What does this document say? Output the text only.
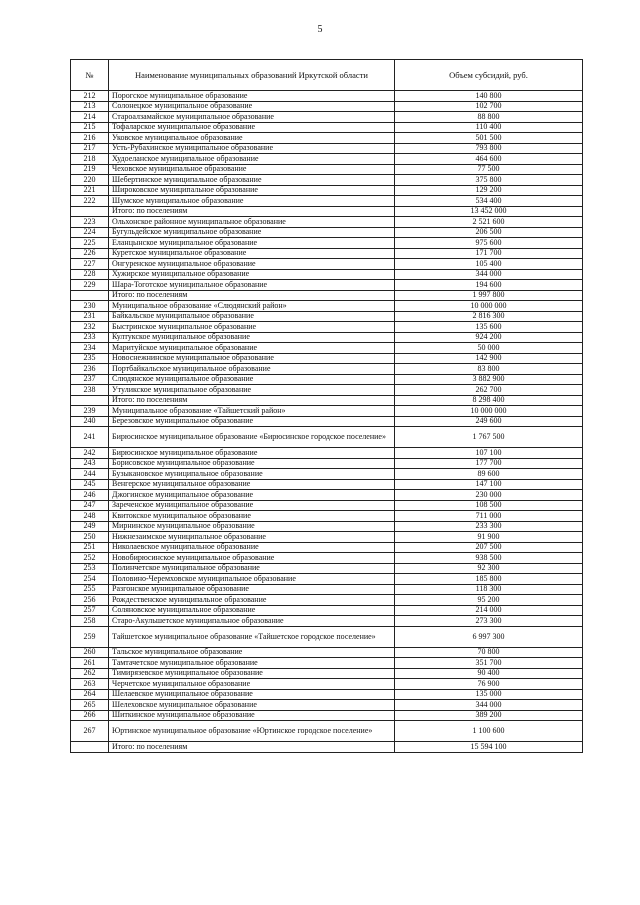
5
№	Наименование муниципальных образований Иркутской области	Объем субсидий, руб.
212	Порогское муниципальное образование	140 800
213	Солонецкое муниципальное образование	102 700
214	Староалзамайское муниципальное образование	88 800
215	Тофаларское муниципальное образование	110 400
216	Уковское муниципальное образование	501 500
217	Усть-Рубахинское муниципальное образование	793 800
218	Худоеланское муниципальное образование	464 600
219	Чеховское муниципальное образование	77 500
220	Шебертинское муниципальное образование	375 800
221	Широковское муниципальное образование	129 200
222	Шумское муниципальное образование	534 400
	Итого: по поселениям	13 452 000
223	Ольхонское районное муниципальное образование	2 521 600
224	Бугульдейское муниципальное образование	206 500
225	Еланцынское муниципальное образование	975 600
226	Куретское муниципальное образование	171 700
227	Онгуренское муниципальное образование	105 400
228	Хужирское муниципальное образование	344 000
229	Шара-Тоготское муниципальное образование	194 600
	Итого: по поселениям	1 997 800
230	Муниципальное образование «Слюдянский район»	10 000 000
231	Байкальское муниципальное образование	2 816 300
232	Быстринское муниципальное образование	135 600
233	Култукское муниципальное образование	924 200
234	Маритуйское муниципальное образование	50 000
235	Новоснежнинское муниципальное образование	142 900
236	Портбайкальское муниципальное образование	83 800
237	Слюдянское муниципальное образование	3 882 900
238	Утуликское муниципальное образование	262 700
	Итого: по поселениям	8 298 400
239	Муниципальное образование «Тайшетский район»	10 000 000
240	Березовское муниципальное образование	249 600
241	Бирюсинское муниципальное образование «Бирюсинское городское поселение»	1 767 500
242	Бирюсинское муниципальное образование	107 100
243	Борисовское муниципальное образование	177 700
244	Бузыкановское муниципальное образование	89 600
245	Венгерское муниципальное образование	147 100
246	Джогинское муниципальное образование	230 000
247	Зареченское муниципальное образование	108 500
248	Квитокское муниципальное образование	711 000
249	Мирнинское муниципальное образование	233 300
250	Нижнезаимское муниципальное образование	91 900
251	Николаевское муниципальное образование	207 500
252	Новобирюсинское муниципальное образование	938 500
253	Полинчетское муниципальное образование	92 300
254	Половино-Черемховское муниципальное образование	185 800
255	Разгонское муниципальное образование	118 300
256	Рождественское муниципальное образование	95 200
257	Соляновское муниципальное образование	214 000
258	Старо-Акульшетское муниципальное образование	273 300
259	Тайшетское муниципальное образование «Тайшетское городское поселение»	6 997 300
260	Тальское муниципальное образование	70 800
261	Тамтачетское муниципальное образование	351 700
262	Тимирязевское муниципальное образование	90 400
263	Черчетское муниципальное образование	76 900
264	Шелаевское муниципальное образование	135 000
265	Шелеховское муниципальное образование	344 000
266	Шиткинское муниципальное образование	389 200
267	Юртинское муниципальное образование «Юртинское городское поселение»	1 100 600
	Итого: по поселениям	15 594 100
